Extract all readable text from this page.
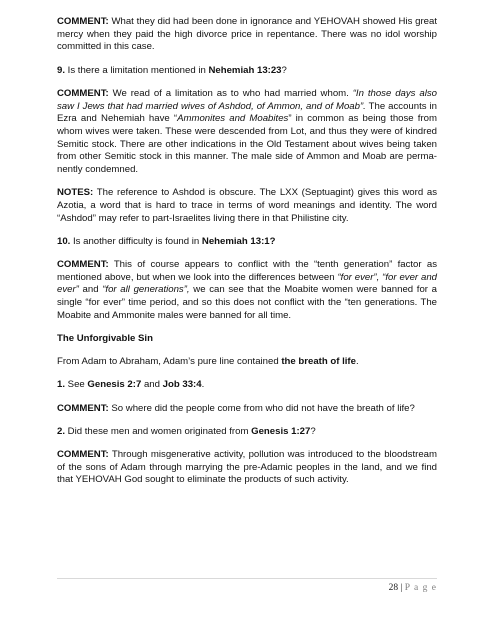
COMMENT: What they did had been done in ignorance and YEHOVAH showed His great mercy when they paid the high divorce price in repentance. There was no idol worship committed in this case.

9. Is there a limitation mentioned in Nehemiah 13:23?

COMMENT: We read of a limitation as to who had married whom. “In those days also saw I Jews that had married wives of Ashdod, of Ammon, and of Moab”. The accounts in Ezra and Nehemiah have “Ammonites and Moabites” in common as being those from whom wives were taken. These were descended from Lot, and thus they were of kindred Semitic stock. There are other indications in the Old Testament about wives being taken from other Semitic stock in this manner. The male side of Ammon and Moab are permanently condemned.

NOTES: The reference to Ashdod is obscure. The LXX (Septuagint) gives this word as Azotia, a word that is hard to trace in terms of word meanings and identity. The word “Ashdod” may refer to part-Israelites living there in that Philistine city.

10. Is another difficulty is found in Nehemiah 13:1?

COMMENT: This of course appears to conflict with the “tenth generation” factor as mentioned above, but when we look into the differences between “for ever”, “for ever and ever” and “for all generations”, we can see that the Moabite women were banned for a single “for ever” time period, and so this does not conflict with the “ten generations. The Moabite and Ammonite males were banned for all time.

The Unforgivable Sin

From Adam to Abraham, Adam’s pure line contained the breath of life.

1. See Genesis 2:7 and Job 33:4.

COMMENT: So where did the people come from who did not have the breath of life?

2. Did these men and women originated from Genesis 1:27?

COMMENT: Through misgenerative activity, pollution was introduced to the bloodstream of the sons of Adam through marrying the pre-Adamic peoples in the land, and we find that YEHOVAH God sought to eliminate the products of such activity.

28 | P a g e
